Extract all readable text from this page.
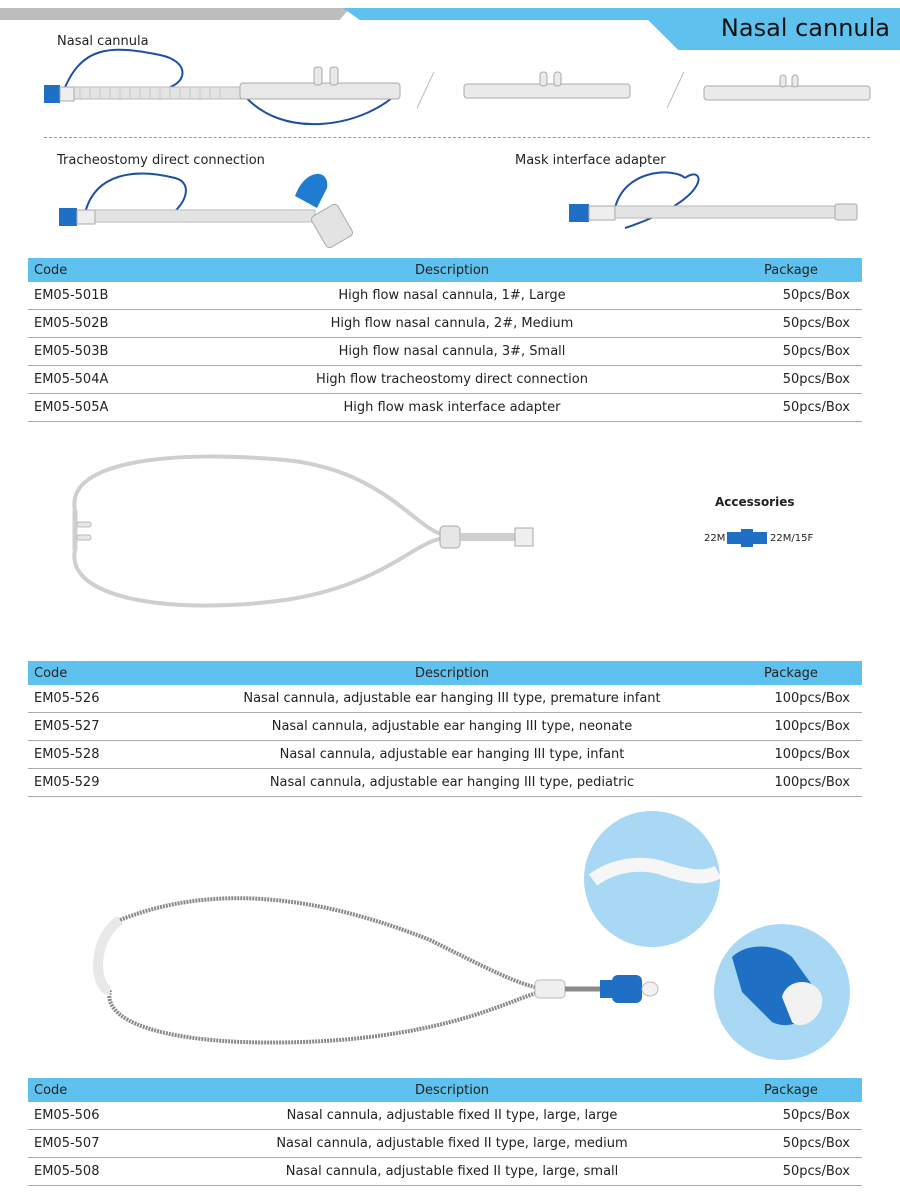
Nasal cannula
Nasal cannula
Tracheostomy direct connection	Mask interface adapter
Code	Description	Package
EM05-501B	High flow nasal cannula, 1#, Large	50pcs/Box
EM05-502B	High flow nasal cannula, 2#, Medium	50pcs/Box
EM05-503B	High flow nasal cannula, 3#, Small	50pcs/Box
EM05-504A	High flow tracheostomy direct connection	50pcs/Box
EM05-505A	High flow mask interface adapter	50pcs/Box
Accessories
22M	22M/15F
Code	Description	Package
EM05-526	Nasal cannula, adjustable ear hanging III type, premature infant	100pcs/Box
EM05-527	Nasal cannula, adjustable ear hanging III type, neonate	100pcs/Box
EM05-528	Nasal cannula, adjustable ear hanging III type, infant	100pcs/Box
EM05-529	Nasal cannula, adjustable ear hanging III type, pediatric	100pcs/Box
Code	Description	Package
EM05-506	Nasal cannula, adjustable fixed II type, large, large	50pcs/Box
EM05-507	Nasal cannula, adjustable fixed II type, large, medium	50pcs/Box
EM05-508	Nasal cannula, adjustable fixed II type, large, small	50pcs/Box
